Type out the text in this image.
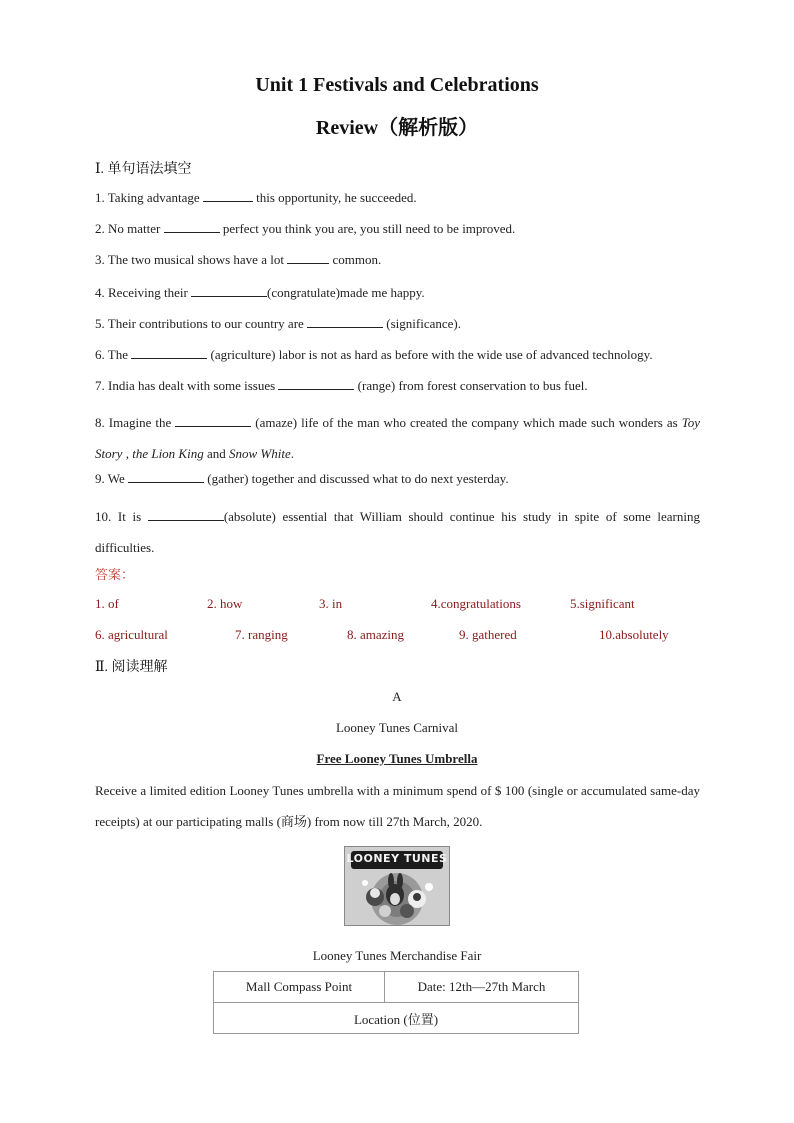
Unit 1 Festivals and Celebrations
Review（解析版）
Ⅰ. 单句语法填空
1. Taking advantage	this opportunity, he succeeded.
2. No matter	perfect you think you are, you still need to be improved.
3. The two musical shows have a lot	common.
4. Receiving their	(congratulate)made me happy.
5. Their contributions to our country are	(significance).
6. The	(agriculture) labor is not as hard as before with the wide use of advanced technology.
7. India has dealt with some issues	(range) from forest conservation to bus fuel.
8. Imagine the	(amaze) life of the man who created the company which made such wonders as Toy Story , the Lion King and Snow White.
9. We	(gather) together and discussed what to do next yesterday.
10. It is	(absolute) essential that William should continue his study in spite of some learning difficulties.
答案：
1. of	2. how	3. in	4.congratulations	5.significant
6. agricultural	7. ranging	8. amazing	9. gathered	10.absolutely
Ⅱ. 阅读理解
A
Looney Tunes Carnival
Free Looney Tunes Umbrella
Receive a limited edition Looney Tunes umbrella with a minimum spend of $ 100 (single or accumulated same-day receipts) at our participating malls (商场) from now till 27th March, 2020.
LOONEY TUNES
Looney Tunes Merchandise Fair
Mall Compass Point	Date: 12th—27th March
Location (位置)
